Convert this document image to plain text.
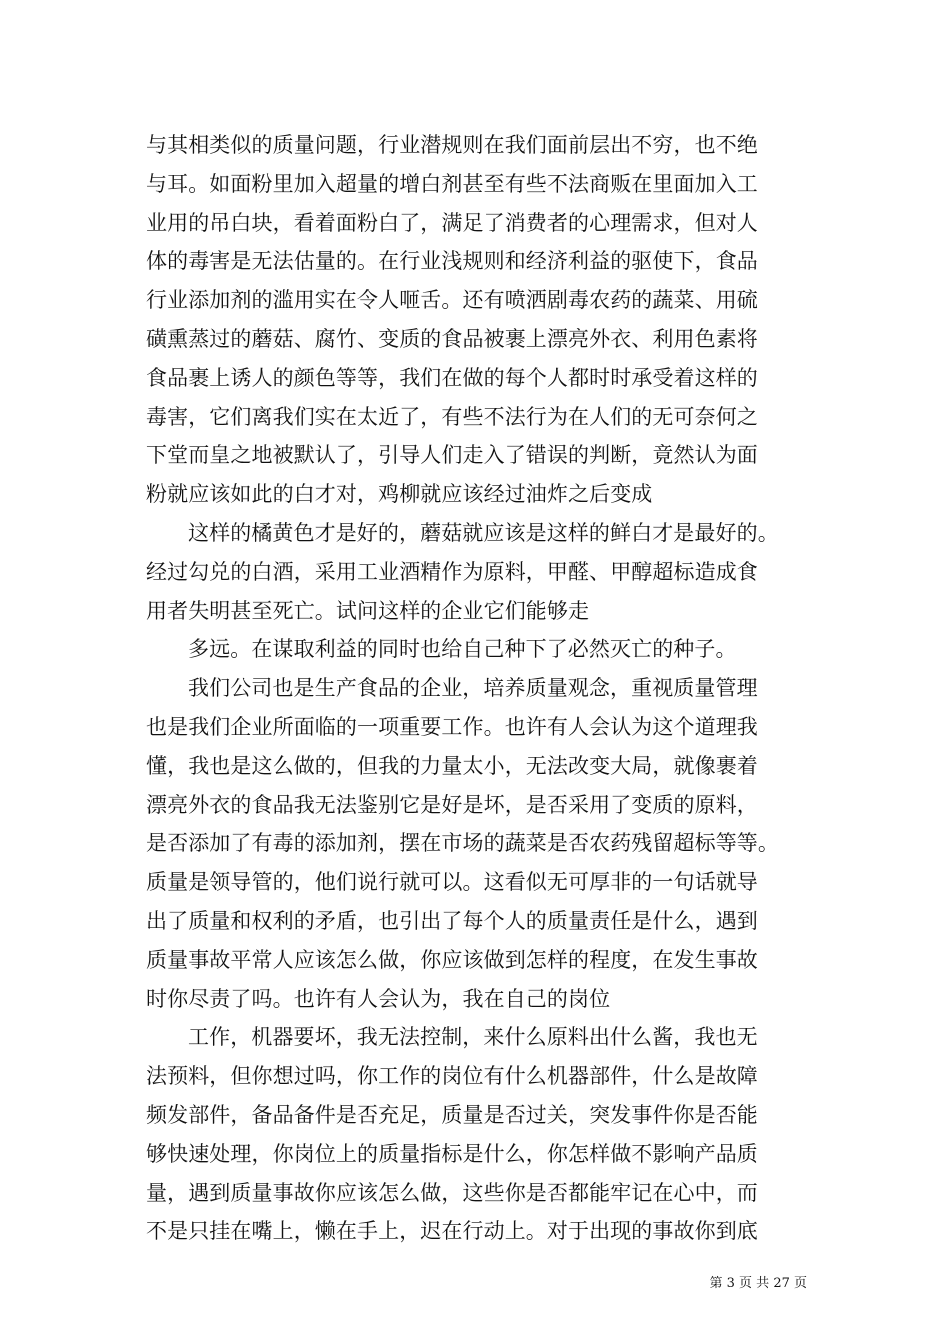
与其相类似的质量问题，行业潜规则在我们面前层出不穷，也不绝
与耳。如面粉里加入超量的增白剂甚至有些不法商贩在里面加入工
业用的吊白块，看着面粉白了，满足了消费者的心理需求，但对人
体的毒害是无法估量的。在行业浅规则和经济利益的驱使下，食品
行业添加剂的滥用实在令人咂舌。还有喷洒剧毒农药的蔬菜、用硫
磺熏蒸过的蘑菇、腐竹、变质的食品被裹上漂亮外衣、利用色素将
食品裹上诱人的颜色等等，我们在做的每个人都时时承受着这样的
毒害，它们离我们实在太近了，有些不法行为在人们的无可奈何之
下堂而皇之地被默认了，引导人们走入了错误的判断，竟然认为面
粉就应该如此的白才对，鸡柳就应该经过油炸之后变成
这样的橘黄色才是好的，蘑菇就应该是这样的鲜白才是最好的。
经过勾兑的白酒，采用工业酒精作为原料，甲醛、甲醇超标造成食
用者失明甚至死亡。试问这样的企业它们能够走
多远。在谋取利益的同时也给自己种下了必然灭亡的种子。
我们公司也是生产食品的企业，培养质量观念，重视质量管理
也是我们企业所面临的一项重要工作。也许有人会认为这个道理我
懂，我也是这么做的，但我的力量太小，无法改变大局，就像裹着
漂亮外衣的食品我无法鉴别它是好是坏，是否采用了变质的原料，
是否添加了有毒的添加剂，摆在市场的蔬菜是否农药残留超标等等。
质量是领导管的，他们说行就可以。这看似无可厚非的一句话就导
出了质量和权利的矛盾，也引出了每个人的质量责任是什么，遇到
质量事故平常人应该怎么做，你应该做到怎样的程度，在发生事故
时你尽责了吗。也许有人会认为，我在自己的岗位
工作，机器要坏，我无法控制，来什么原料出什么酱，我也无
法预料，但你想过吗，你工作的岗位有什么机器部件，什么是故障
频发部件，备品备件是否充足，质量是否过关，突发事件你是否能
够快速处理，你岗位上的质量指标是什么，你怎样做不影响产品质
量，遇到质量事故你应该怎么做，这些你是否都能牢记在心中，而
不是只挂在嘴上，懒在手上，迟在行动上。对于出现的事故你到底
第 3 页 共 27 页
